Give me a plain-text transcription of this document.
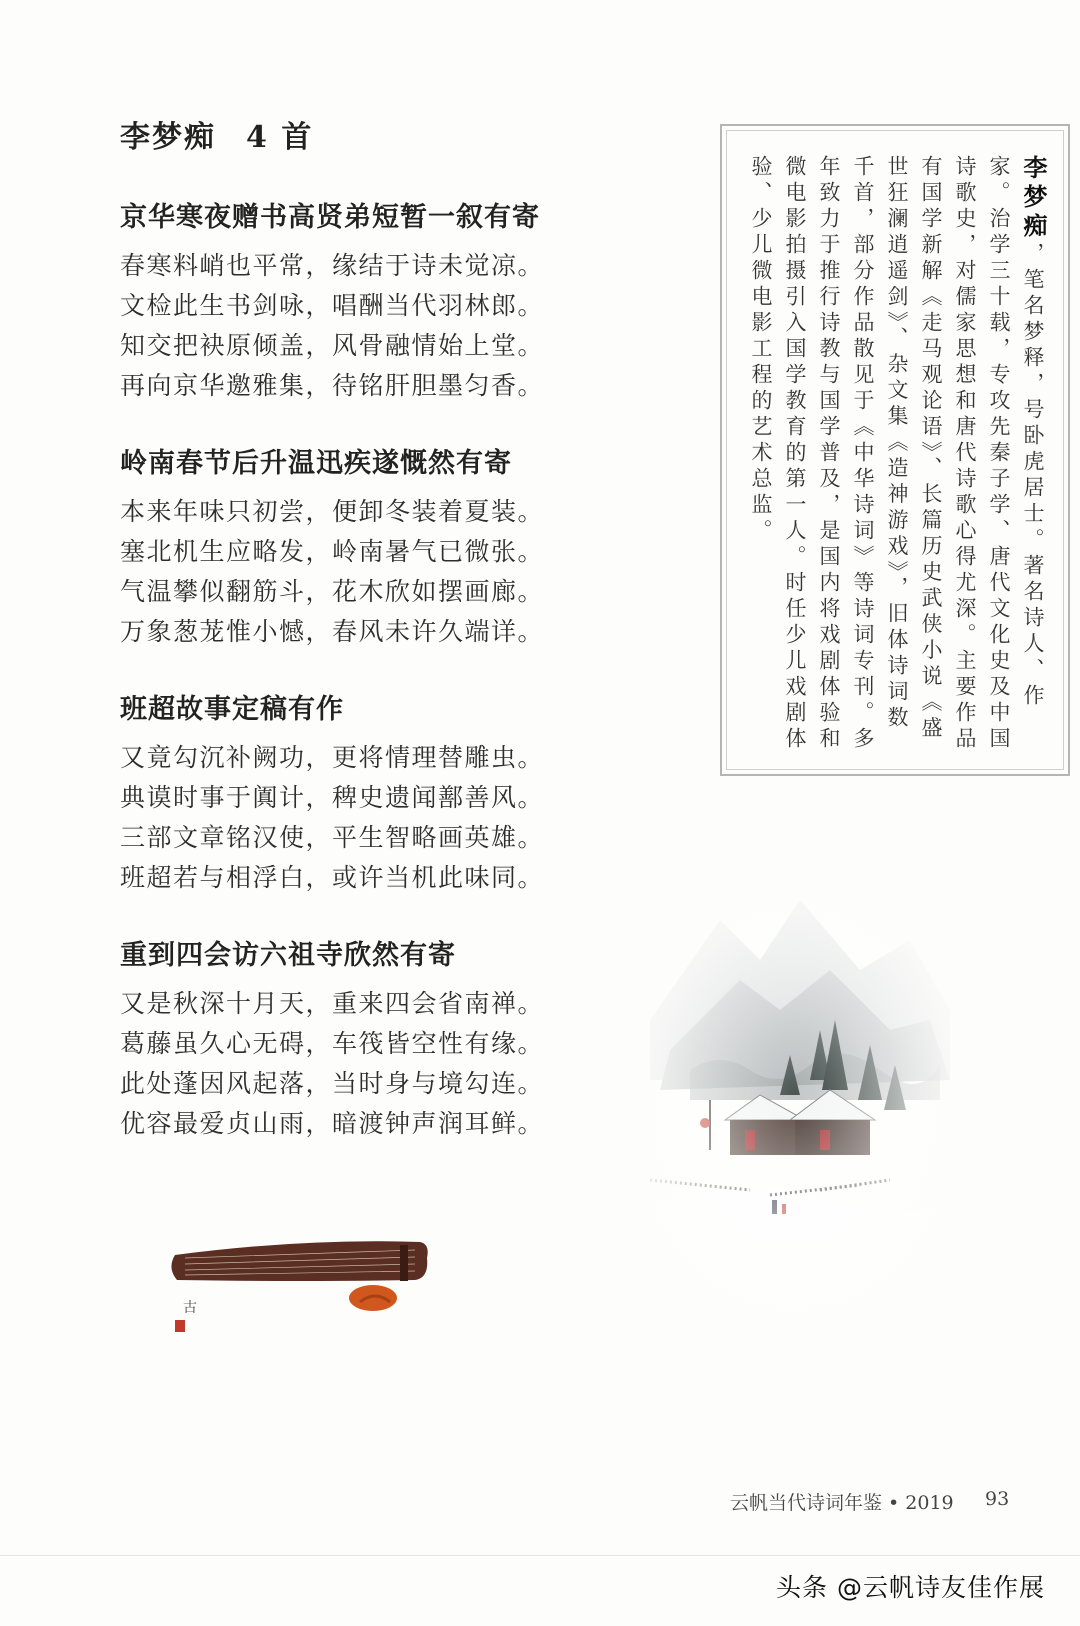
李梦痴 4 首

京华寒夜赠书高贤弟短暂一叙有寄

春寒料峭也平常，缘结于诗未觉凉。

文检此生书剑咏，唱酬当代羽林郎。

知交把袂原倾盖，风骨融情始上堂。

再向京华邀雅集，待铭肝胆墨匀香。

岭南春节后升温迅疾遂慨然有寄

本来年味只初尝，便卸冬装着夏装。

塞北机生应略发，岭南暑气已微张。

气温攀似翻筋斗，花木欣如摆画廊。

万象葱茏惟小憾，春风未许久端详。

班超故事定稿有作

又竟勾沉补阙功，更将情理替雕虫。

典谟时事于阗计，稗史遗闻鄯善风。

三部文章铭汉使，平生智略画英雄。

班超若与相浮白，或许当机此味同。

重到四会访六祖寺欣然有寄

又是秋深十月天，重来四会省南禅。

葛藤虽久心无碍，车筏皆空性有缘。

此处蓬因风起落，当时身与境勾连。

优容最爱贞山雨，暗渡钟声润耳鲜。

李梦痴，笔名梦释，号卧虎居士。著名诗人、作家。治学三十载，专攻先秦子学、唐代文化史及中国诗歌史，对儒家思想和唐代诗歌心得尤深。主要作品有国学新解《走马观论语》、长篇历史武侠小说《盛世狂澜逍遥剑》、杂文集《造神游戏》，旧体诗词数千首，部分作品散见于《中华诗词》等诗词专刊。多年致力于推行诗教与国学普及，是国内将戏剧体验和微电影拍摄引入国学教育的第一人。时任少儿戏剧体验、少儿微电影工程的艺术总监。
古
云帆当代诗词年鉴 • 2019 93
头条 @云帆诗友佳作展
